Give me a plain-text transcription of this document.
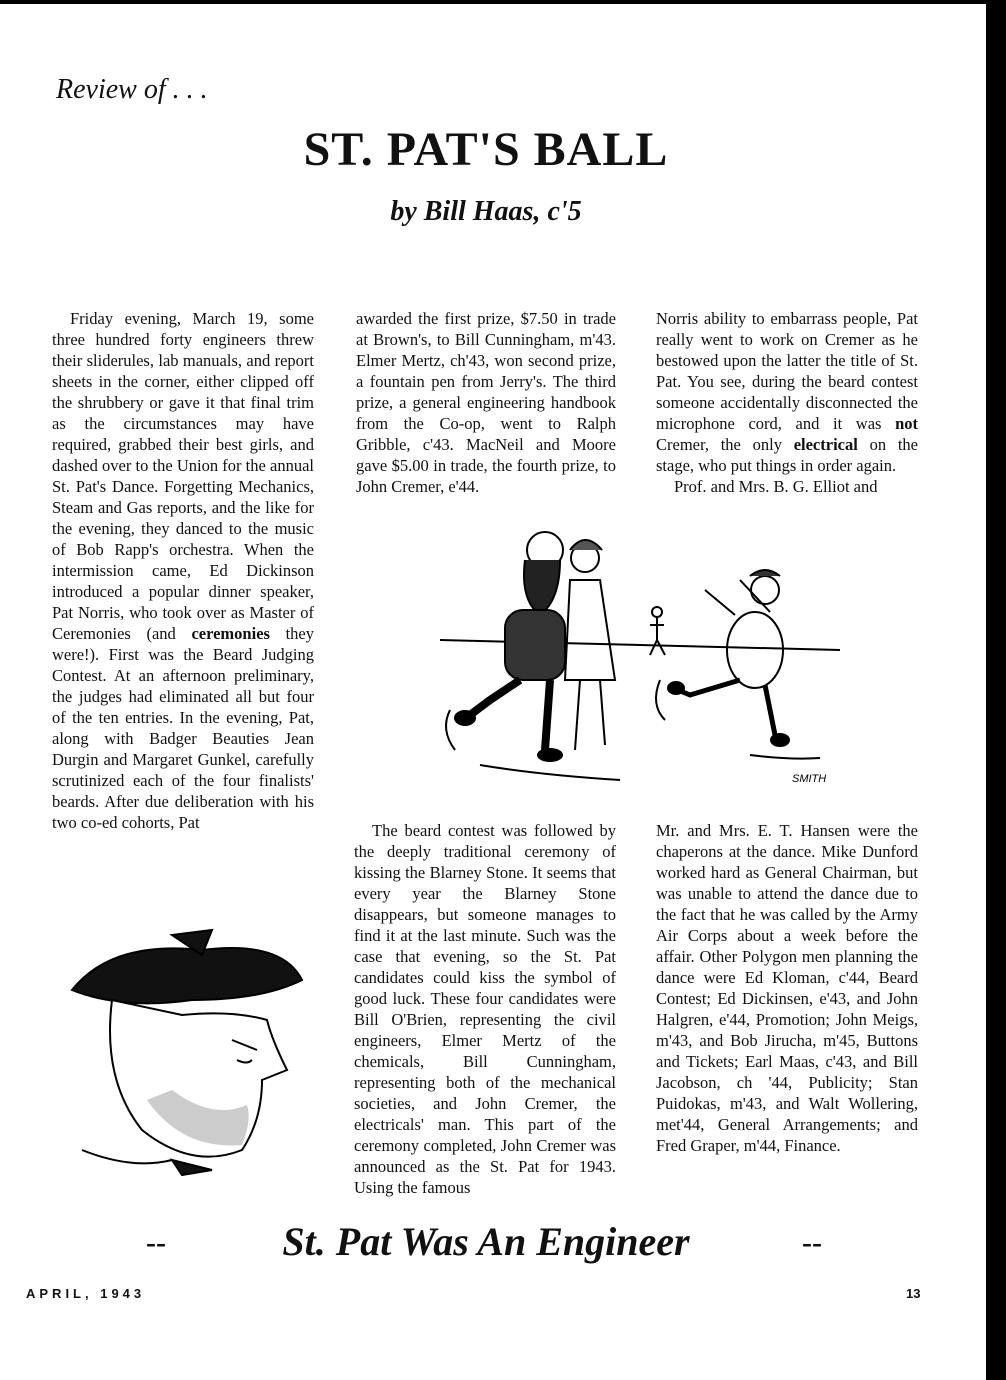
Review of . . .
ST. PAT'S BALL
by Bill Haas, c'5

Friday evening, March 19, some three hundred forty engineers threw their sliderules, lab manuals, and report sheets in the corner, either clipped off the shrubbery or gave it that final trim as the circumstances may have required, grabbed their best girls, and dashed over to the Union for the annual St. Pat's Dance. Forgetting Mechanics, Steam and Gas reports, and the like for the evening, they danced to the music of Bob Rapp's orchestra. When the intermission came, Ed Dickinson introduced a popular dinner speaker, Pat Norris, who took over as Master of Ceremonies (and ceremonies they were!). First was the Beard Judging Contest. At an afternoon preliminary, the judges had eliminated all but four of the ten entries. In the evening, Pat, along with Badger Beauties Jean Durgin and Margaret Gunkel, carefully scrutinized each of the four finalists' beards. After due deliberation with his two co-ed cohorts, Pat

awarded the first prize, $7.50 in trade at Brown's, to Bill Cunningham, m'43. Elmer Mertz, ch'43, won second prize, a fountain pen from Jerry's. The third prize, a general engineering handbook from the Co-op, went to Ralph Gribble, c'43. MacNeil and Moore gave $5.00 in trade, the fourth prize, to John Cremer, e'44.

Norris ability to embarrass people, Pat really went to work on Cremer as he bestowed upon the latter the title of St. Pat. You see, during the beard contest someone accidentally disconnected the microphone cord, and it was not Cremer, the only electrical on the stage, who put things in order again.

Prof. and Mrs. B. G. Elliot and

SMITH

The beard contest was followed by the deeply traditional ceremony of kissing the Blarney Stone. It seems that every year the Blarney Stone disappears, but someone manages to find it at the last minute. Such was the case that evening, so the St. Pat candidates could kiss the symbol of good luck. These four candidates were Bill O'Brien, representing the civil engineers, Elmer Mertz of the chemicals, Bill Cunningham, representing both of the mechanical societies, and John Cremer, the electricals' man. This part of the ceremony completed, John Cremer was announced as the St. Pat for 1943. Using the famous

Mr. and Mrs. E. T. Hansen were the chaperons at the dance. Mike Dunford worked hard as General Chairman, but was unable to attend the dance due to the fact that he was called by the Army Air Corps about a week before the affair. Other Polygon men planning the dance were Ed Kloman, c'44, Beard Contest; Ed Dickinsen, e'43, and John Halgren, e'44, Promotion; John Meigs, m'43, and Bob Jirucha, m'45, Buttons and Tickets; Earl Maas, c'43, and Bill Jacobson, ch '44, Publicity; Stan Puidokas, m'43, and Walt Wollering, met'44, General Arrangements; and Fred Graper, m'44, Finance.

--	St. Pat Was An Engineer	--
APRIL, 1943	13
